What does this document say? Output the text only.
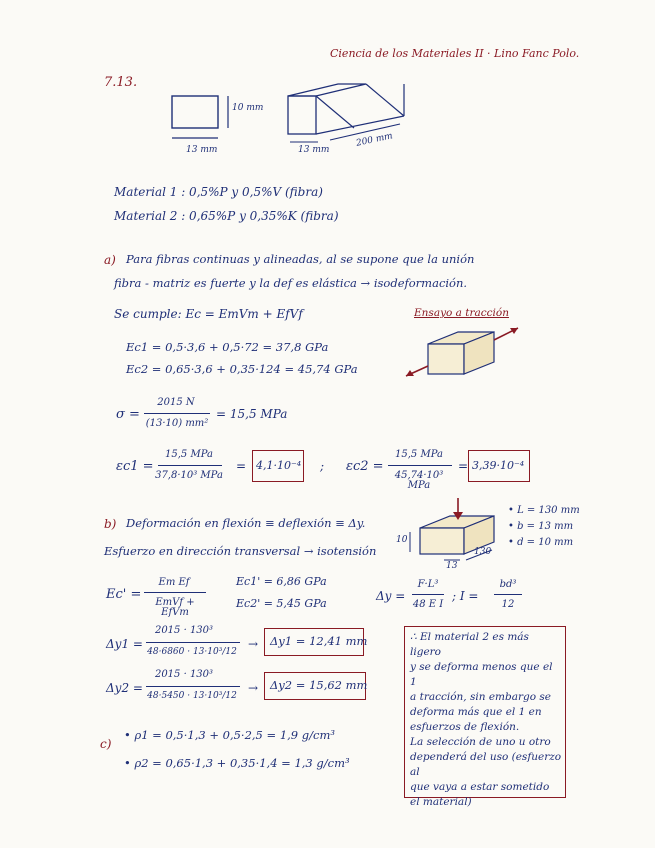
Ciencia de los Materiales II · Lino Fanc Polo.
7.13.
10 mm
13 mm	13 mm
200 mm
Material 1 : 0,5%P y 0,5%V (fibra)
Material 2 : 0,65%P y 0,35%K (fibra)
a) Para fibras continuas y alineadas, al se supone que la unión
fibra - matriz es fuerte y la def es elástica → isodeformación.
Se cumple: Ec = EmVm + EfVf	Ensayo a tracción
Ec1 = 0,5·3,6 + 0,5·72 = 37,8 GPa
Ec2 = 0,65·3,6 + 0,35·124 = 45,74 GPa
σ =
2015 N
(13·10) mm²
= 15,5 MPa
εc1 =
15,5 MPa
37,8·10³ MPa
= 4,1·10⁻⁴ ; εc2 =
15,5 MPa
45,74·10³ MPa
= 3,39·10⁻⁴
b) Deformación en flexión ≡ deflexión ≡ Δy.
Esfuerzo en dirección transversal → isotensión
• L = 130 mm
• b = 13 mm
• d = 10 mm
13
130
10
Ec' =
Em Ef
EmVf + EfVm
Ec1' = 6,86 GPa
Ec2' = 5,45 GPa
Δy =
F·L³
48 E I
; I =
bd³
12
Δy1 =
2015 · 130³
48·6860 · 13·10³/12
→ Δy1 = 12,41 mm
Δy2 =
2015 · 130³
48·5450 · 13·10³/12
→ Δy2 = 15,62 mm
∴ El material 2 es más ligero
y se deforma menos que el 1
a tracción, sin embargo se
deforma más que el 1 en
esfuerzos de flexión.
La selección de uno u otro
dependerá del uso (esfuerzo al
que vaya a estar sometido
el material)
c)
• ρ1 = 0,5·1,3 + 0,5·2,5 = 1,9 g/cm³
• ρ2 = 0,65·1,3 + 0,35·1,4 = 1,3 g/cm³
